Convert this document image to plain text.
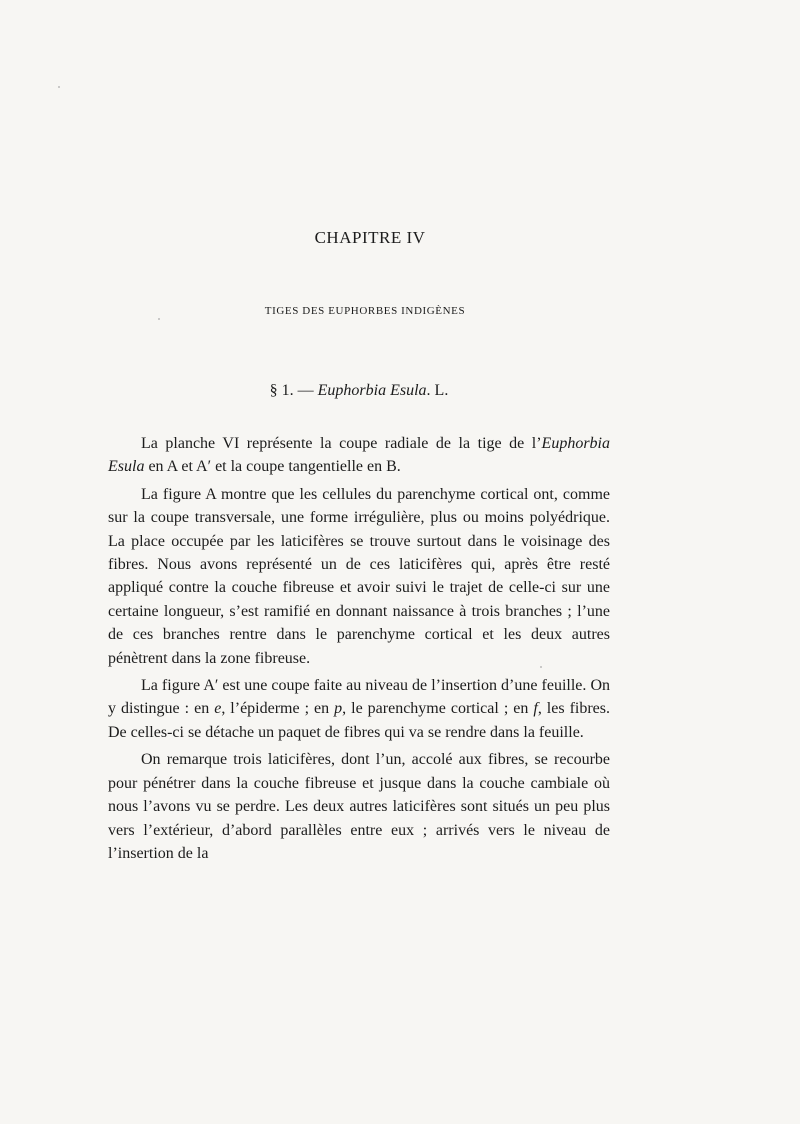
CHAPITRE IV
TIGES DES EUPHORBES INDIGÈNES
§ 1. — Euphorbia Esula. L.

La planche VI représente la coupe radiale de la tige de l’Euphorbia Esula en A et A′ et la coupe tangentielle en B.

La figure A montre que les cellules du parenchyme cortical ont, comme sur la coupe transversale, une forme irrégulière, plus ou moins polyédrique. La place occupée par les laticifères se trouve surtout dans le voisinage des fibres. Nous avons représenté un de ces laticifères qui, après être resté appliqué contre la couche fibreuse et avoir suivi le trajet de celle-ci sur une certaine longueur, s’est ramifié en donnant naissance à trois branches ; l’une de ces branches rentre dans le parenchyme cortical et les deux autres pénètrent dans la zone fibreuse.

La figure A′ est une coupe faite au niveau de l’insertion d’une feuille. On y distingue : en e, l’épiderme ; en p, le parenchyme cortical ; en f, les fibres. De celles-ci se détache un paquet de fibres qui va se rendre dans la feuille.

On remarque trois laticifères, dont l’un, accolé aux fibres, se recourbe pour pénétrer dans la couche fibreuse et jusque dans la couche cambiale où nous l’avons vu se perdre. Les deux autres laticifères sont situés un peu plus vers l’extérieur, d’abord parallèles entre eux ; arrivés vers le niveau de l’insertion de la
